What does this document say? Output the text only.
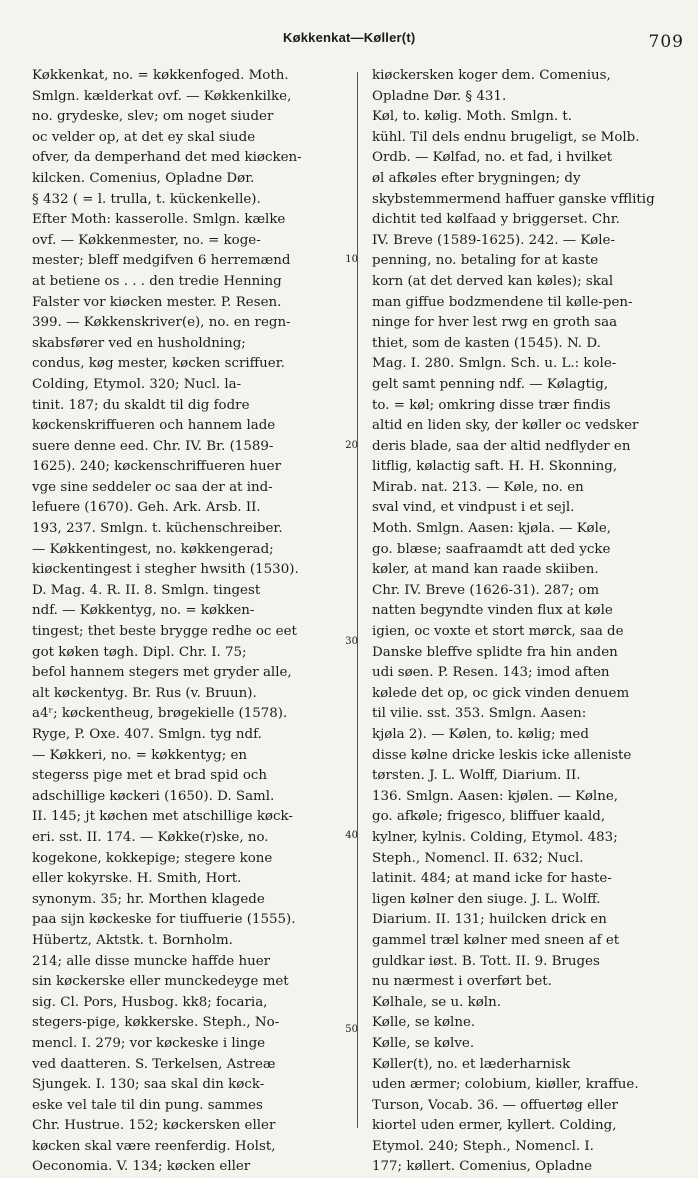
Køkkenkat—Køller(t)	709
Køkkenkat, no. = køkkenfoged. Moth.
Smlgn. kælderkat ovf. — Køkkenkilke,
no. grydeske, slev; om noget siuder
oc velder op, at det ey skal siude
ofver, da demperhand det med kiøcken-
kilcken. Comenius, Opladne Dør.
§ 432 ( = l. trulla, t. kückenkelle).
Efter Moth: kasserolle. Smlgn. kælke
ovf. — Køkkenmester, no. = koge-
mester; bleff medgifven 6 herremænd
at betiene os . . . den tredie Henning
Falster vor kiøcken mester. P. Resen.
399. — Køkkenskriver(e), no. en regn-
skabsfører ved en husholdning;
condus, køg mester, køcken scriffuer.
Colding, Etymol. 320; Nucl. la-
tinit. 187; du skaldt til dig fodre
køckenskriffueren och hannem lade
suere denne eed. Chr. IV. Br. (1589-
1625). 240; køckenschriffueren huer
vge sine seddeler oc saa der at ind-
lefuere (1670). Geh. Ark. Arsb. II.
193, 237. Smlgn. t. küchenschreiber.
— Køkkentingest, no. køkkengerad;
kiøckentingest i stegher hwsith (1530).
D. Mag. 4. R. II. 8. Smlgn. tingest
ndf. — Køkkentyg, no. = køkken-
tingest; thet beste brygge redhe oc eet
got køken tøgh. Dipl. Chr. I. 75;
befol hannem stegers met gryder alle,
alt køckentyg. Br. Rus (v. Bruun).
a4ʳ; køckentheug, brøgekielle (1578).
Ryge, P. Oxe. 407. Smlgn. tyg ndf.
— Køkkeri, no. = køkkentyg; en
stegerss pige met et brad spid och
adschillige køckeri (1650). D. Saml.
II. 145; jt køchen met atschillige køck-
eri. sst. II. 174. — Køkke(r)ske, no.
kogekone, kokkepige; stegere kone
eller kokyrske. H. Smith, Hort.
synonym. 35; hr. Morthen klagede
paa sijn køckeske for tiuffuerie (1555).
Hübertz, Aktstk. t. Bornholm.
214; alle disse muncke haffde huer
sin køckerske eller munckedeyge met
sig. Cl. Pors, Husbog. kk8; focaria,
stegers-pige, køkkerske. Steph., No-
mencl. I. 279; vor køckeske i linge
ved daatteren. S. Terkelsen, Astreæ
Sjungek. I. 130; saa skal din køck-
eske vel tale til din pung. sammes
Chr. Hustrue. 152; køckersken eller
køcken skal være reenferdig. Holst,
Oeconomia. V. 134; køcken eller
kiøckersken koger dem. Comenius,
Opladne Dør. § 431.
Køl, to. kølig. Moth. Smlgn. t.
kühl. Til dels endnu brugeligt, se Molb.
Ordb. — Kølfad, no. et fad, i hvilket
øl afkøles efter brygningen; dy
skybstemmermend haffuer ganske vfflitig
dichtit ted kølfaad y briggerset. Chr.
IV. Breve (1589-1625). 242. — Køle-
penning, no. betaling for at kaste
korn (at det derved kan køles); skal
man giffue bodzmendene til kølle-pen-
ninge for hver lest rwg en groth saa
thiet, som de kasten (1545). N. D.
Mag. I. 280. Smlgn. Sch. u. L.: kole-
gelt samt penning ndf. — Kølagtig,
to. = køl; omkring disse trær findis
altid en liden sky, der køller oc vedsker
deris blade, saa der altid nedflyder en
litflig, kølactig saft. H. H. Skonning,
Mirab. nat. 213. — Køle, no. en
sval vind, et vindpust i et sejl.
Moth. Smlgn. Aasen: kjøla. — Køle,
go. blæse; saafraamdt att ded ycke
køler, at mand kan raade skiiben.
Chr. IV. Breve (1626-31). 287; om
natten begyndte vinden flux at køle
igien, oc voxte et stort mørck, saa de
Danske bleffve splidte fra hin anden
udi søen. P. Resen. 143; imod aften
kølede det op, oc gick vinden denuem
til vilie. sst. 353. Smlgn. Aasen:
kjøla 2). — Kølen, to. kølig; med
disse kølne dricke leskis icke alleniste
tørsten. J. L. Wolff, Diarium. II.
136. Smlgn. Aasen: kjølen. — Kølne,
go. afkøle; frigesco, bliffuer kaald,
kylner, kylnis. Colding, Etymol. 483;
Steph., Nomencl. II. 632; Nucl.
latinit. 484; at mand icke for haste-
ligen kølner den siuge. J. L. Wolff.
Diarium. II. 131; huilcken drick en
gammel træl kølner med sneen af et
guldkar iøst. B. Tott. II. 9. Bruges
nu nærmest i overført bet.
Kølhale, se u. køln.
Kølle, se kølne.
Kølle, se kølve.
Køller(t), no. et læderharnisk
uden ærmer; colobium, kiøller, kraffue.
Turson, Vocab. 36. — offuertøg eller
kiortel uden ermer, kyllert. Colding,
Etymol. 240; Steph., Nomencl. I.
177; køllert. Comenius, Opladne
10
20
30
40
50
